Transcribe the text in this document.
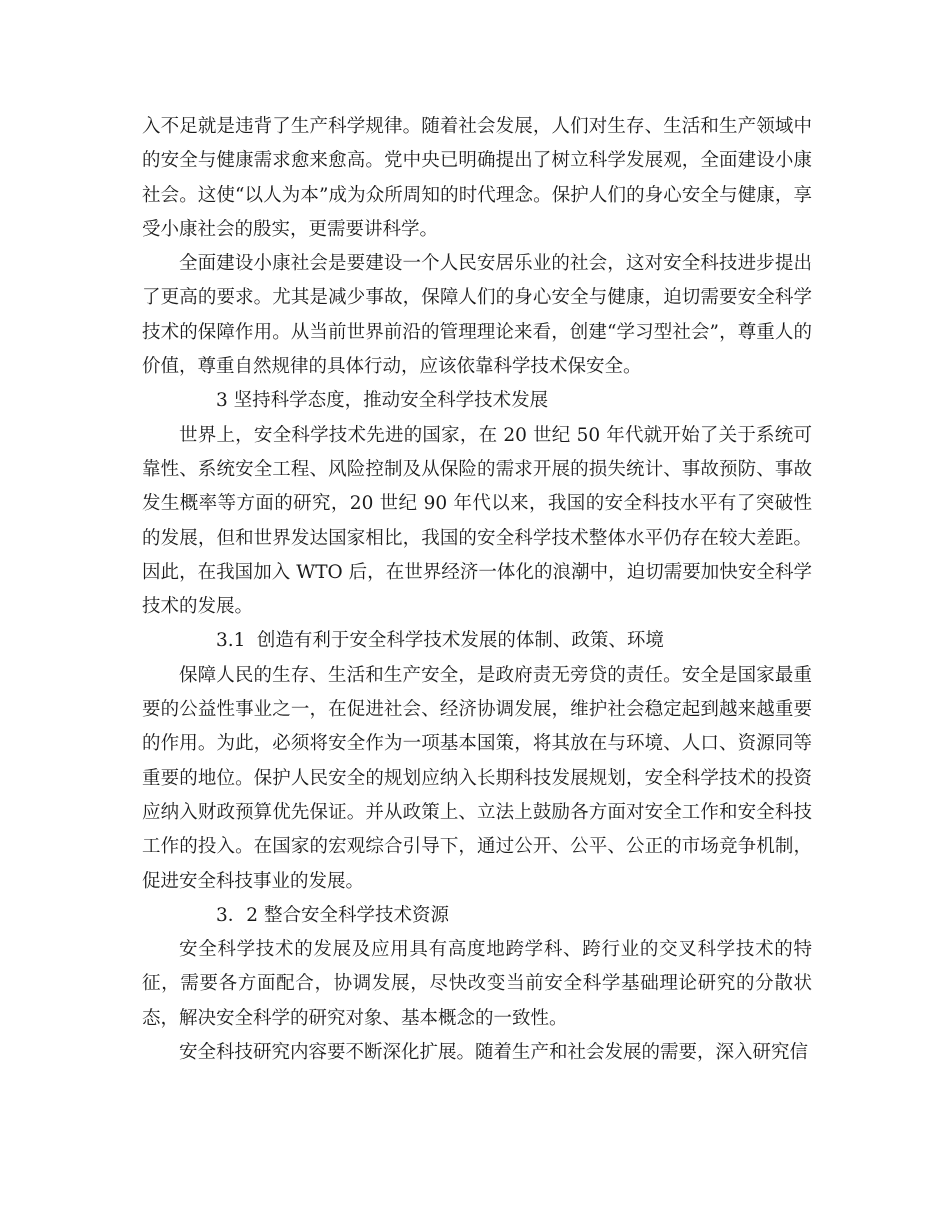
入不足就是违背了生产科学规律。随着社会发展，人们对生存、生活和生产领域中的安全与健康需求愈来愈高。党中央已明确提出了树立科学发展观，全面建设小康社会。这使“以人为本”成为众所周知的时代理念。保护人们的身心安全与健康，享受小康社会的殷实，更需要讲科学。

全面建设小康社会是要建设一个人民安居乐业的社会，这对安全科技进步提出了更高的要求。尤其是减少事故，保障人们的身心安全与健康，迫切需要安全科学技术的保障作用。从当前世界前沿的管理理论来看，创建“学习型社会”，尊重人的价值，尊重自然规律的具体行动，应该依靠科学技术保安全。

3 坚持科学态度，推动安全科学技术发展

世界上，安全科学技术先进的国家，在 20 世纪 50 年代就开始了关于系统可靠性、系统安全工程、风险控制及从保险的需求开展的损失统计、事故预防、事故发生概率等方面的研究，20 世纪 90 年代以来，我国的安全科技水平有了突破性的发展，但和世界发达国家相比，我国的安全科学技术整体水平仍存在较大差距。因此，在我国加入 WTO 后，在世界经济一体化的浪潮中，迫切需要加快安全科学技术的发展。

3.1 创造有利于安全科学技术发展的体制、政策、环境

保障人民的生存、生活和生产安全，是政府责无旁贷的责任。安全是国家最重要的公益性事业之一，在促进社会、经济协调发展，维护社会稳定起到越来越重要的作用。为此，必须将安全作为一项基本国策，将其放在与环境、人口、资源同等重要的地位。保护人民安全的规划应纳入长期科技发展规划，安全科学技术的投资应纳入财政预算优先保证。并从政策上、立法上鼓励各方面对安全工作和安全科技工作的投入。在国家的宏观综合引导下，通过公开、公平、公正的市场竞争机制，促进安全科技事业的发展。

3．2 整合安全科学技术资源

安全科学技术的发展及应用具有高度地跨学科、跨行业的交叉科学技术的特征，需要各方面配合，协调发展，尽快改变当前安全科学基础理论研究的分散状态，解决安全科学的研究对象、基本概念的一致性。

安全科技研究内容要不断深化扩展。随着生产和社会发展的需要，深入研究信
